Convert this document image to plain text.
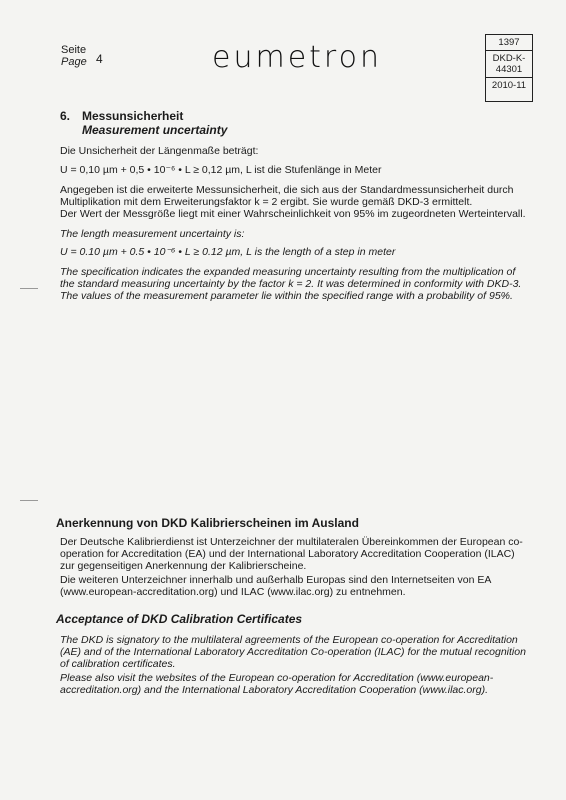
Seite
Page 4	eumetron	1397
DKD-K-
44301
2010-11
6. Messunsicherheit
Measurement uncertainty

Die Unsicherheit der Längenmaße beträgt:

U = 0,10 µm + 0,5 • 10⁻⁶ • L ≥ 0,12 µm, L ist die Stufenlänge in Meter

Angegeben ist die erweiterte Messunsicherheit, die sich aus der Standardmessunsicherheit durch Multiplikation mit dem Erweiterungsfaktor k = 2 ergibt. Sie wurde gemäß DKD-3 ermittelt.

Der Wert der Messgröße liegt mit einer Wahrscheinlichkeit von 95% im zugeordneten Werteintervall.

The length measurement uncertainty is:

U = 0.10 µm + 0.5 • 10⁻⁶ • L ≥ 0.12 µm, L is the length of a step in meter

The specification indicates the expanded measuring uncertainty resulting from the multiplication of the standard measuring uncertainty by the factor k = 2. It was determined in conformity with DKD-3. The values of the measurement parameter lie within the specified range with a probability of 95%.

Anerkennung von DKD Kalibrierscheinen im Ausland

Der Deutsche Kalibrierdienst ist Unterzeichner der multilateralen Übereinkommen der European co-operation for Accreditation (EA) und der International Laboratory Accreditation Cooperation (ILAC) zur gegenseitigen Anerkennung der Kalibrierscheine.

Die weiteren Unterzeichner innerhalb und außerhalb Europas sind den Internetseiten von EA (www.european-accreditation.org) und ILAC (www.ilac.org) zu entnehmen.

Acceptance of DKD Calibration Certificates

The DKD is signatory to the multilateral agreements of the European co-operation for Accreditation (AE) and of the International Laboratory Accreditation Co-operation (ILAC) for the mutual recognition of calibration certificates.

Please also visit the websites of the European co-operation for Accreditation (www.european-accreditation.org) and the International Laboratory Accreditation Cooperation (www.ilac.org).
